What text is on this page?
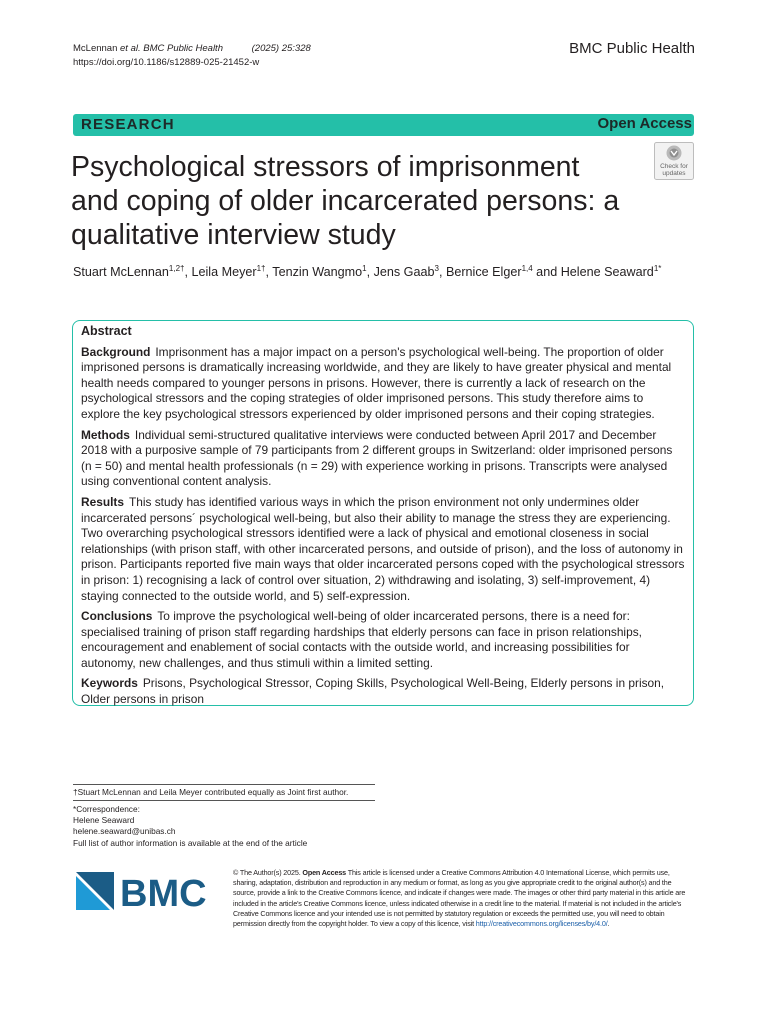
McLennan et al. BMC Public Health	(2025) 25:328
https://doi.org/10.1186/s12889-025-21452-w
BMC Public Health
RESEARCH	Open Access
Psychological stressors of imprisonment and coping of older incarcerated persons: a qualitative interview study
Check for
updates
Stuart McLennan$^{1,2\dagger}$, Leila Meyer$^{1\dagger}$, Tenzin Wangmo$^1$, Jens Gaab$^3$, Bernice Elger$^{1,4}$ and Helene Seaward$^{1*}$
Abstract

Background Imprisonment has a major impact on a person's psychological well-being. The proportion of older imprisoned persons is dramatically increasing worldwide, and they are likely to have greater physical and mental health needs compared to younger persons in prisons. However, there is currently a lack of research on the psychological stressors and the coping strategies of older imprisoned persons. This study therefore aims to explore the key psychological stressors experienced by older imprisoned persons and their coping strategies.

Methods Individual semi-structured qualitative interviews were conducted between April 2017 and December 2018 with a purposive sample of 79 participants from 2 different groups in Switzerland: older imprisoned persons (n = 50) and mental health professionals (n = 29) with experience working in prisons. Transcripts were analysed using conventional content analysis.

Results This study has identified various ways in which the prison environment not only undermines older incarcerated persons´ psychological well-being, but also their ability to manage the stress they are experiencing. Two overarching psychological stressors identified were a lack of physical and emotional closeness in social relationships (with prison staff, with other incarcerated persons, and outside of prison), and the loss of autonomy in prison. Participants reported five main ways that older incarcerated persons coped with the psychological stressors in prison: 1) recognising a lack of control over situation, 2) withdrawing and isolating, 3) self-improvement, 4) staying connected to the outside world, and 5) self-expression.

Conclusions To improve the psychological well-being of older incarcerated persons, there is a need for: specialised training of prison staff regarding hardships that elderly persons can face in prison relationships, encouragement and enablement of social contacts with the outside world, and increasing possibilities for autonomy, new challenges, and thus stimuli within a limited setting.

Keywords Prisons, Psychological Stressor, Coping Skills, Psychological Well-Being, Elderly persons in prison, Older persons in prison

†Stuart McLennan and Leila Meyer contributed equally as Joint first author.
*Correspondence:
Helene Seaward
helene.seaward@unibas.ch
Full list of author information is available at the end of the article
BMC
© The Author(s) 2025. Open Access This article is licensed under a Creative Commons Attribution 4.0 International License, which permits use, sharing, adaptation, distribution and reproduction in any medium or format, as long as you give appropriate credit to the original author(s) and the source, provide a link to the Creative Commons licence, and indicate if changes were made. The images or other third party material in this article are included in the article's Creative Commons licence, unless indicated otherwise in a credit line to the material. If material is not included in the article's Creative Commons licence and your intended use is not permitted by statutory regulation or exceeds the permitted use, you will need to obtain permission directly from the copyright holder. To view a copy of this licence, visit http://creativecommons.org/licenses/by/4.0/.
